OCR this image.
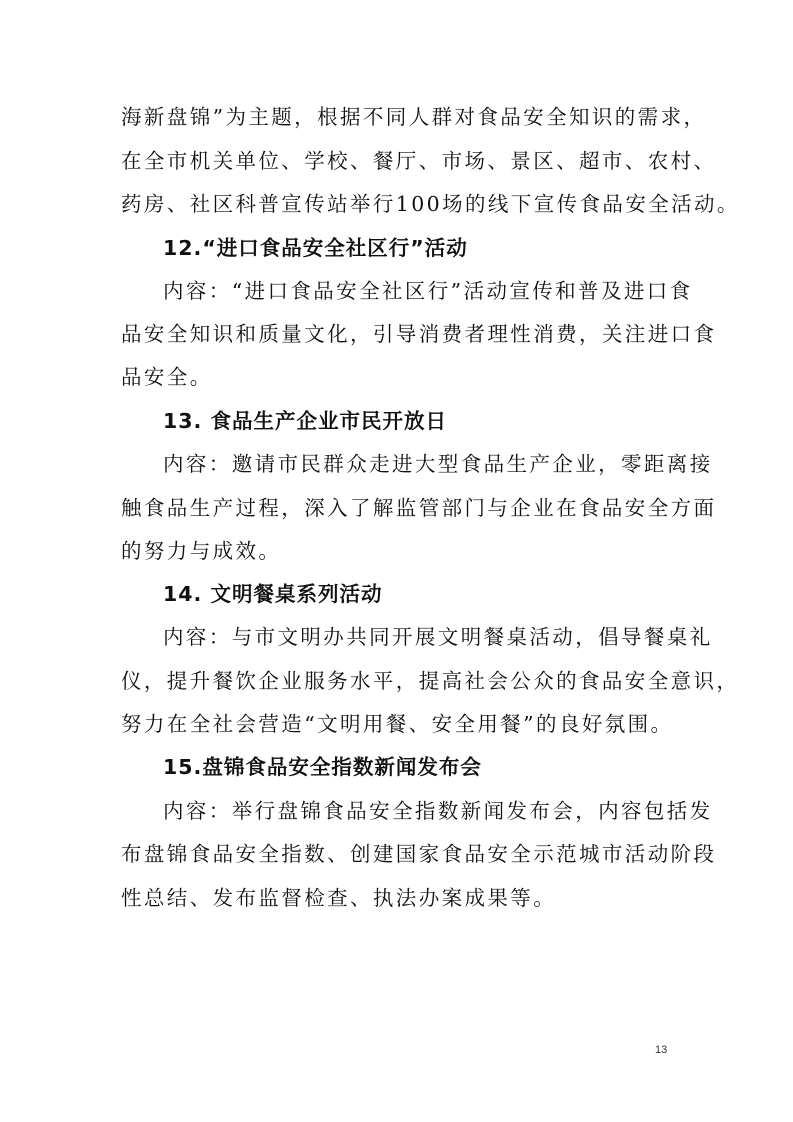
海新盘锦”为主题，根据不同人群对食品安全知识的需求，
在全市机关单位、学校、餐厅、市场、景区、超市、农村、
药房、社区科普宣传站举行100场的线下宣传食品安全活动。
12.“进口食品安全社区行”活动
内容：“进口食品安全社区行”活动宣传和普及进口食
品安全知识和质量文化，引导消费者理性消费，关注进口食
品安全。
13. 食品生产企业市民开放日
内容：邀请市民群众走进大型食品生产企业，零距离接
触食品生产过程，深入了解监管部门与企业在食品安全方面
的努力与成效。
14. 文明餐桌系列活动
内容：与市文明办共同开展文明餐桌活动，倡导餐桌礼
仪，提升餐饮企业服务水平，提高社会公众的食品安全意识，
努力在全社会营造“文明用餐、安全用餐”的良好氛围。
15.盘锦食品安全指数新闻发布会
内容：举行盘锦食品安全指数新闻发布会，内容包括发
布盘锦食品安全指数、创建国家食品安全示范城市活动阶段
性总结、发布监督检查、执法办案成果等。
13
